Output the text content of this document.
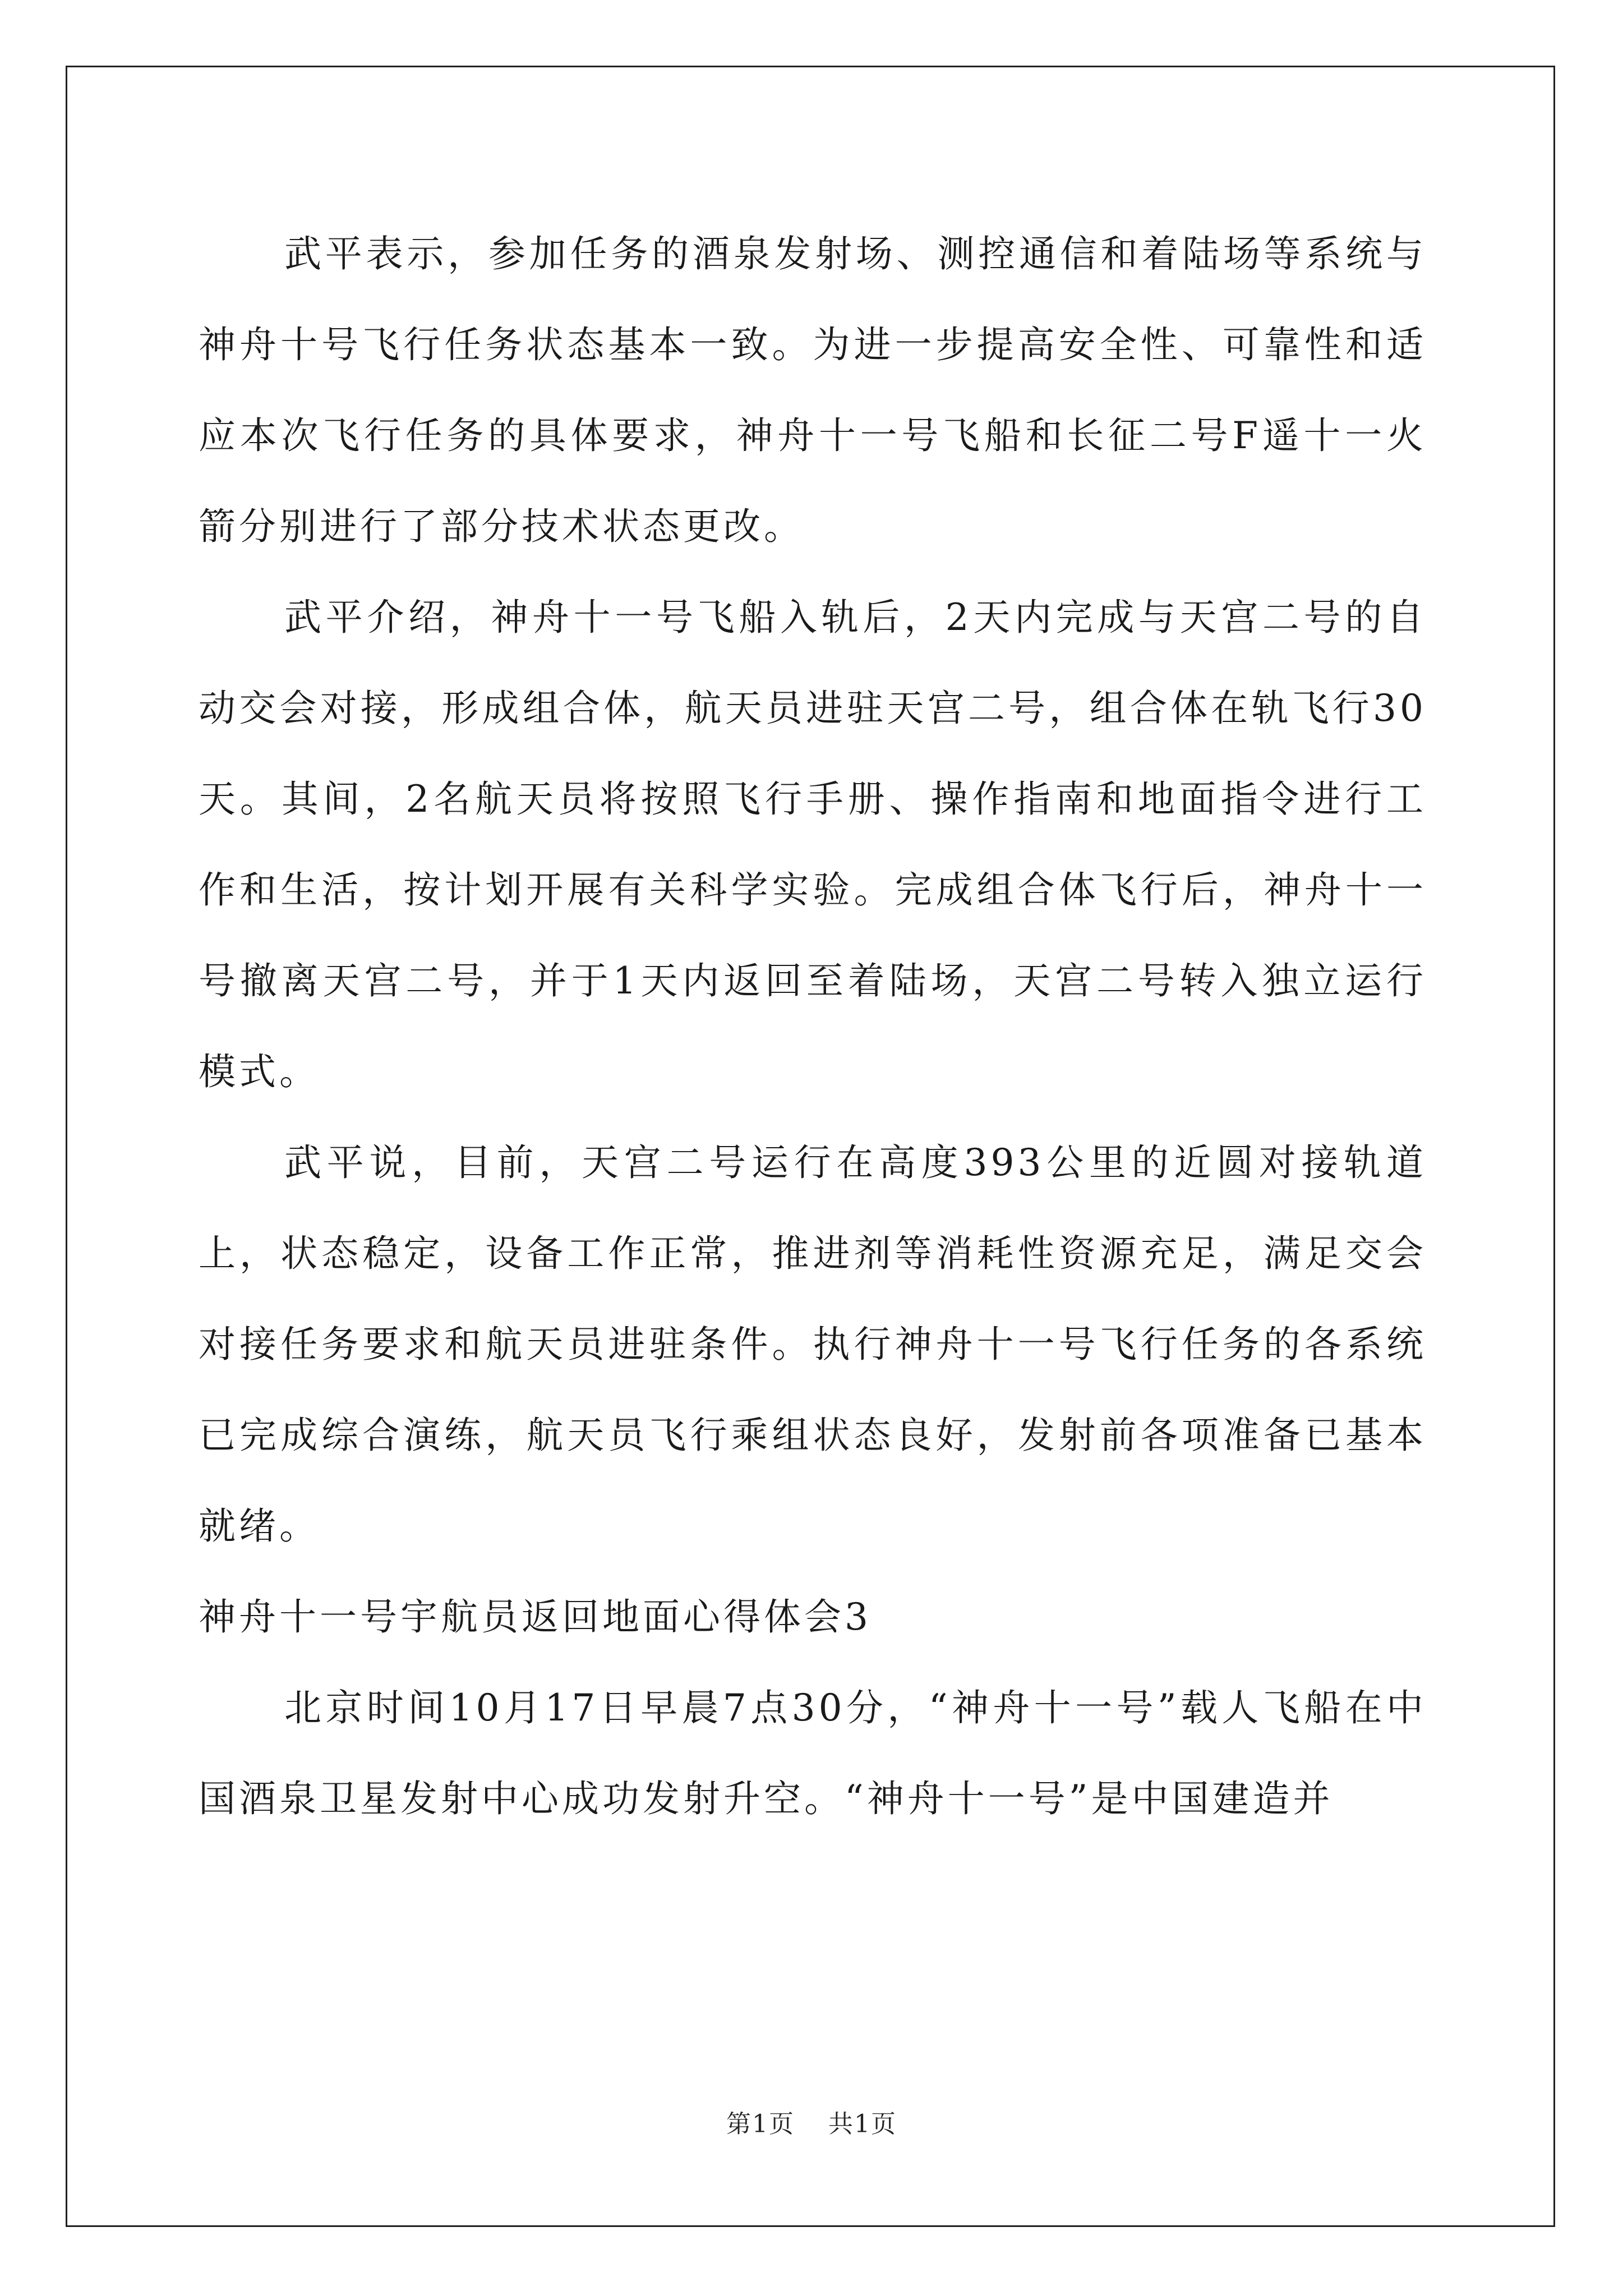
武平表示，参加任务的酒泉发射场、测控通信和着陆场等系统与神舟十号飞行任务状态基本一致。为进一步提高安全性、可靠性和适应本次飞行任务的具体要求，神舟十一号飞船和长征二号F遥十一火箭分别进行了部分技术状态更改。

武平介绍，神舟十一号飞船入轨后，2天内完成与天宫二号的自动交会对接，形成组合体，航天员进驻天宫二号，组合体在轨飞行30天。其间，2名航天员将按照飞行手册、操作指南和地面指令进行工作和生活，按计划开展有关科学实验。完成组合体飞行后，神舟十一号撤离天宫二号，并于1天内返回至着陆场，天宫二号转入独立运行模式。

武平说，目前，天宫二号运行在高度393公里的近圆对接轨道上，状态稳定，设备工作正常，推进剂等消耗性资源充足，满足交会对接任务要求和航天员进驻条件。执行神舟十一号飞行任务的各系统已完成综合演练，航天员飞行乘组状态良好，发射前各项准备已基本就绪。

神舟十一号宇航员返回地面心得体会3

北京时间10月17日早晨7点30分，“神舟十一号”载人飞船在中国酒泉卫星发射中心成功发射升空。“神舟十一号”是中国建造并

第1页 共1页
